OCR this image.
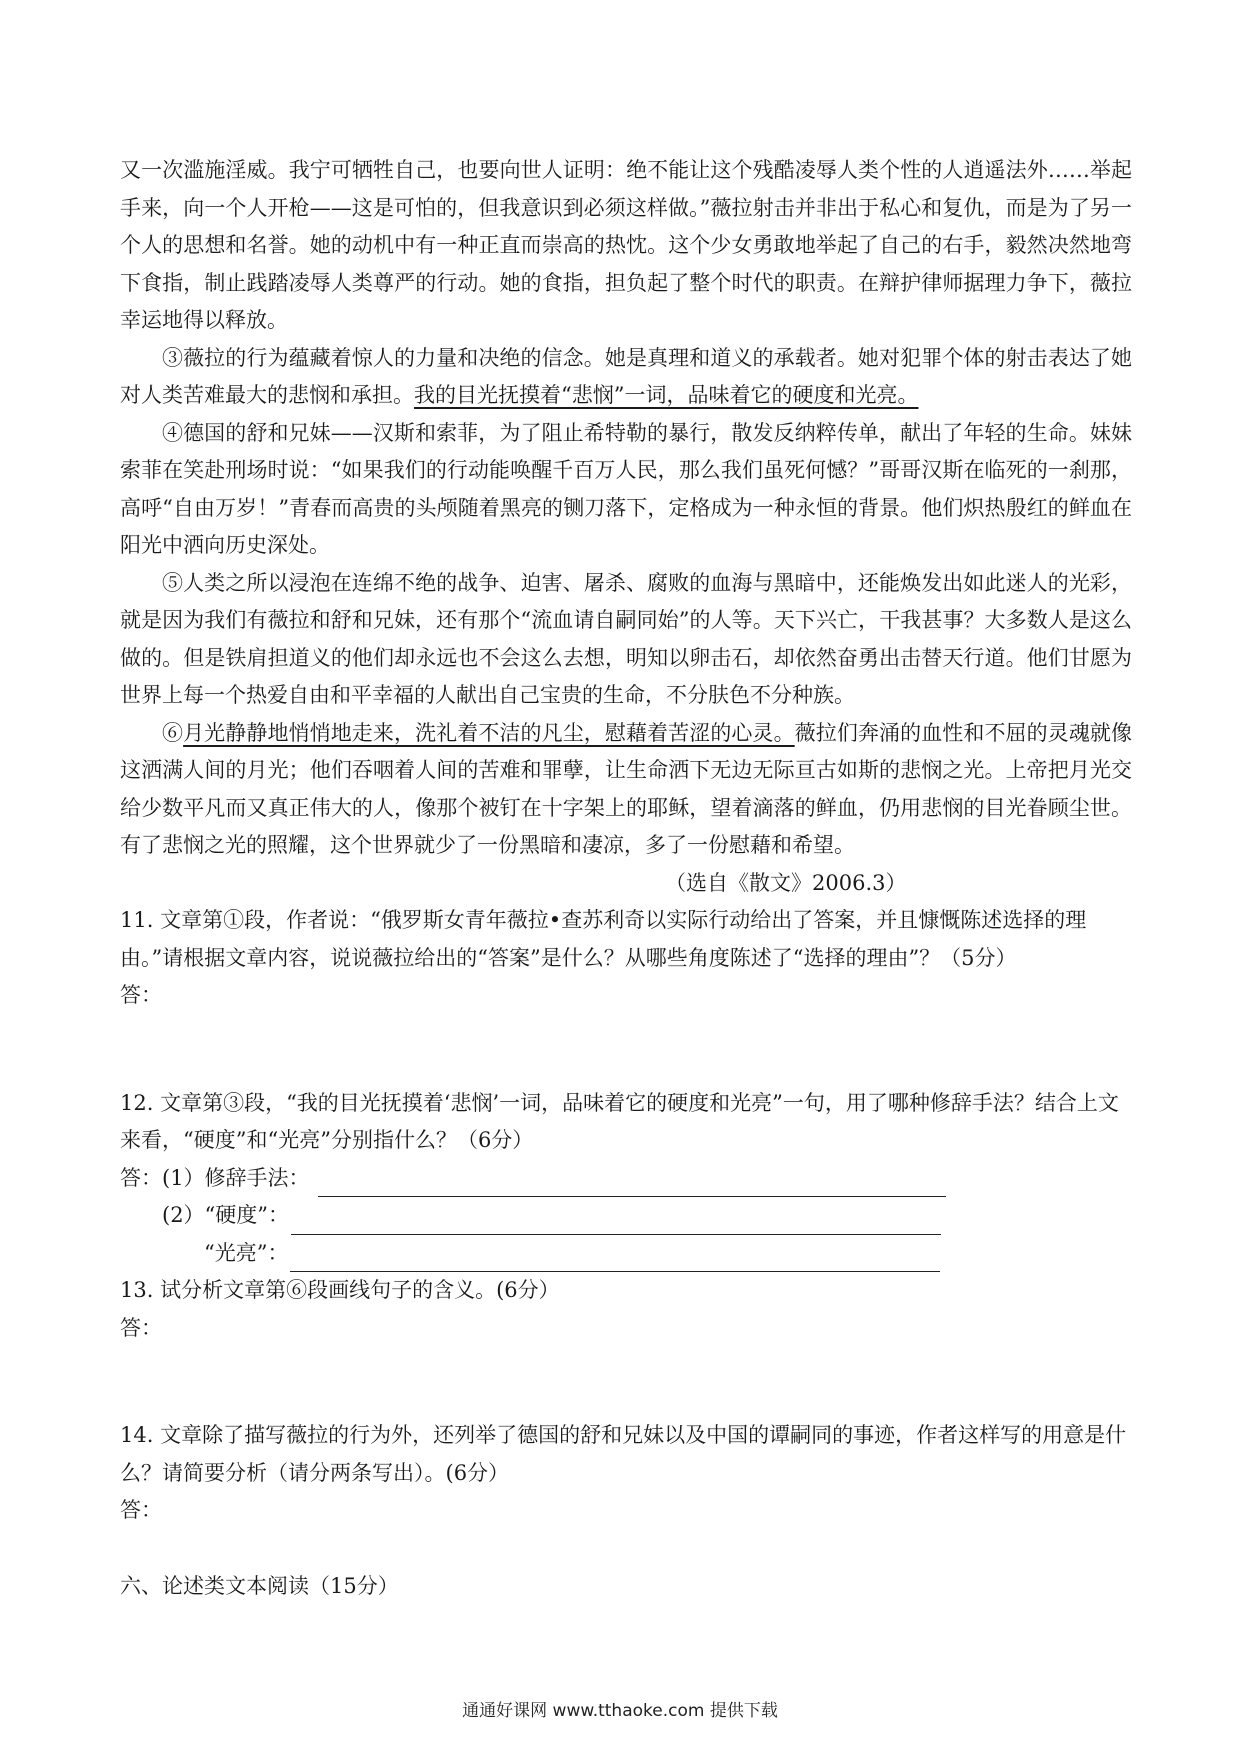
又一次滥施淫威。我宁可牺牲自己，也要向世人证明：绝不能让这个残酷凌辱人类个性的人逍遥法外……举起手来，向一个人开枪——这是可怕的，但我意识到必须这样做。”薇拉射击并非出于私心和复仇，而是为了另一个人的思想和名誉。她的动机中有一种正直而崇高的热忱。这个少女勇敢地举起了自己的右手，毅然决然地弯下食指，制止践踏凌辱人类尊严的行动。她的食指，担负起了整个时代的职责。在辩护律师据理力争下，薇拉幸运地得以释放。

③薇拉的行为蕴藏着惊人的力量和决绝的信念。她是真理和道义的承载者。她对犯罪个体的射击表达了她对人类苦难最大的悲悯和承担。我的目光抚摸着“悲悯”一词，品味着它的硬度和光亮。

④德国的舒和兄妹——汉斯和索菲，为了阻止希特勒的暴行，散发反纳粹传单，献出了年轻的生命。妹妹索菲在笑赴刑场时说：“如果我们的行动能唤醒千百万人民，那么我们虽死何憾？”哥哥汉斯在临死的一刹那，高呼“自由万岁！”青春而高贵的头颅随着黑亮的铡刀落下，定格成为一种永恒的背景。他们炽热殷红的鲜血在阳光中洒向历史深处。

⑤人类之所以浸泡在连绵不绝的战争、迫害、屠杀、腐败的血海与黑暗中，还能焕发出如此迷人的光彩，就是因为我们有薇拉和舒和兄妹，还有那个“流血请自嗣同始”的人等。天下兴亡，干我甚事？大多数人是这么做的。但是铁肩担道义的他们却永远也不会这么去想，明知以卵击石，却依然奋勇出击替天行道。他们甘愿为世界上每一个热爱自由和平幸福的人献出自己宝贵的生命，不分肤色不分种族。

⑥月光静静地悄悄地走来，洗礼着不洁的凡尘，慰藉着苦涩的心灵。薇拉们奔涌的血性和不屈的灵魂就像这洒满人间的月光；他们吞咽着人间的苦难和罪孽，让生命洒下无边无际亘古如斯的悲悯之光。上帝把月光交给少数平凡而又真正伟大的人，像那个被钉在十字架上的耶稣，望着滴落的鲜血，仍用悲悯的目光眷顾尘世。有了悲悯之光的照耀，这个世界就少了一份黑暗和凄凉，多了一份慰藉和希望。

（选自《散文》2006.3）

11. 文章第①段，作者说：“俄罗斯女青年薇拉•查苏利奇以实际行动给出了答案，并且慷慨陈述选择的理由。”请根据文章内容，说说薇拉给出的“答案”是什么？从哪些角度陈述了“选择的理由”？（5分）

答：

12. 文章第③段，“我的目光抚摸着‘悲悯’一词，品味着它的硬度和光亮”一句，用了哪种修辞手法？结合上文来看，“硬度”和“光亮”分别指什么？（6分）

答：(1）修辞手法：
(2）“硬度”：
“光亮”：

13. 试分析文章第⑥段画线句子的含义。(6分）

答：

14. 文章除了描写薇拉的行为外，还列举了德国的舒和兄妹以及中国的谭嗣同的事迹，作者这样写的用意是什么？请简要分析（请分两条写出）。(6分）

答：

六、论述类文本阅读（15分）

通通好课网 www.tthaoke.com 提供下载
